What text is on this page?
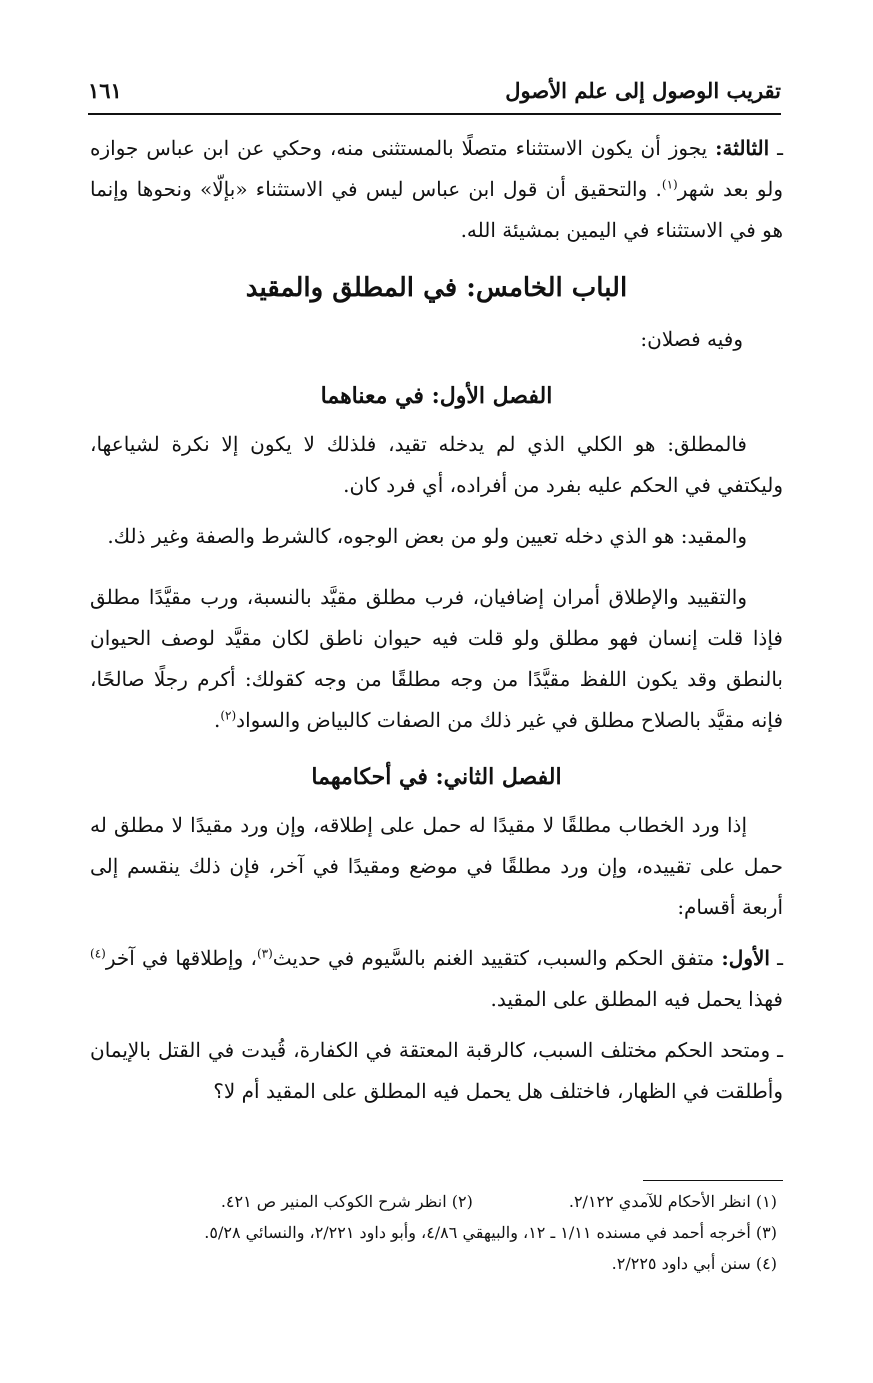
تقريب الوصول إلى علم الأصول
١٦١

ـ الثالثة: يجوز أن يكون الاستثناء متصلًا بالمستثنى منه، وحكي عن ابن عباس جوازه ولو بعد شهر$^{(١)}$. والتحقيق أن قول ابن عباس ليس في الاستثناء «بإلّا» ونحوها وإنما هو في الاستثناء في اليمين بمشيئة الله.

الباب الخامس: في المطلق والمقيد

وفيه فصلان:

الفصل الأول: في معناهما

فالمطلق: هو الكلي الذي لم يدخله تقيد، فلذلك لا يكون إلا نكرة لشياعها، وليكتفي في الحكم عليه بفرد من أفراده، أي فرد كان.

والمقيد: هو الذي دخله تعيين ولو من بعض الوجوه، كالشرط والصفة وغير ذلك.

والتقييد والإطلاق أمران إضافيان، فرب مطلق مقيَّد بالنسبة، ورب مقيَّدًا مطلق فإذا قلت إنسان فهو مطلق ولو قلت فيه حيوان ناطق لكان مقيَّد لوصف الحيوان بالنطق وقد يكون اللفظ مقيَّدًا من وجه مطلقًا من وجه كقولك: أكرم رجلًا صالحًا، فإنه مقيَّد بالصلاح مطلق في غير ذلك من الصفات كالبياض والسواد$^{(٢)}$.

الفصل الثاني: في أحكامهما

إذا ورد الخطاب مطلقًا لا مقيدًا له حمل على إطلاقه، وإن ورد مقيدًا لا مطلق له حمل على تقييده، وإن ورد مطلقًا في موضع ومقيدًا في آخر، فإن ذلك ينقسم إلى أربعة أقسام:

ـ الأول: متفق الحكم والسبب، كتقييد الغنم بالسَّيوم في حديث$^{(٣)}$، وإطلاقها في آخر$^{(٤)}$ فهذا يحمل فيه المطلق على المقيد.

ـ ومتحد الحكم مختلف السبب، كالرقبة المعتقة في الكفارة، قُيدت في القتل بالإيمان وأطلقت في الظهار، فاختلف هل يحمل فيه المطلق على المقيد أم لا؟

(١) انظر الأحكام للآمدي ٢/١٢٢.
(٢) انظر شرح الكوكب المنير ص ٤٢١.
(٣) أخرجه أحمد في مسنده ١/١١ ـ ١٢، والبيهقي ٤/٨٦، وأبو داود ٢/٢٢١، والنسائي ٥/٢٨.
(٤) سنن أبي داود ٢/٢٢٥.
